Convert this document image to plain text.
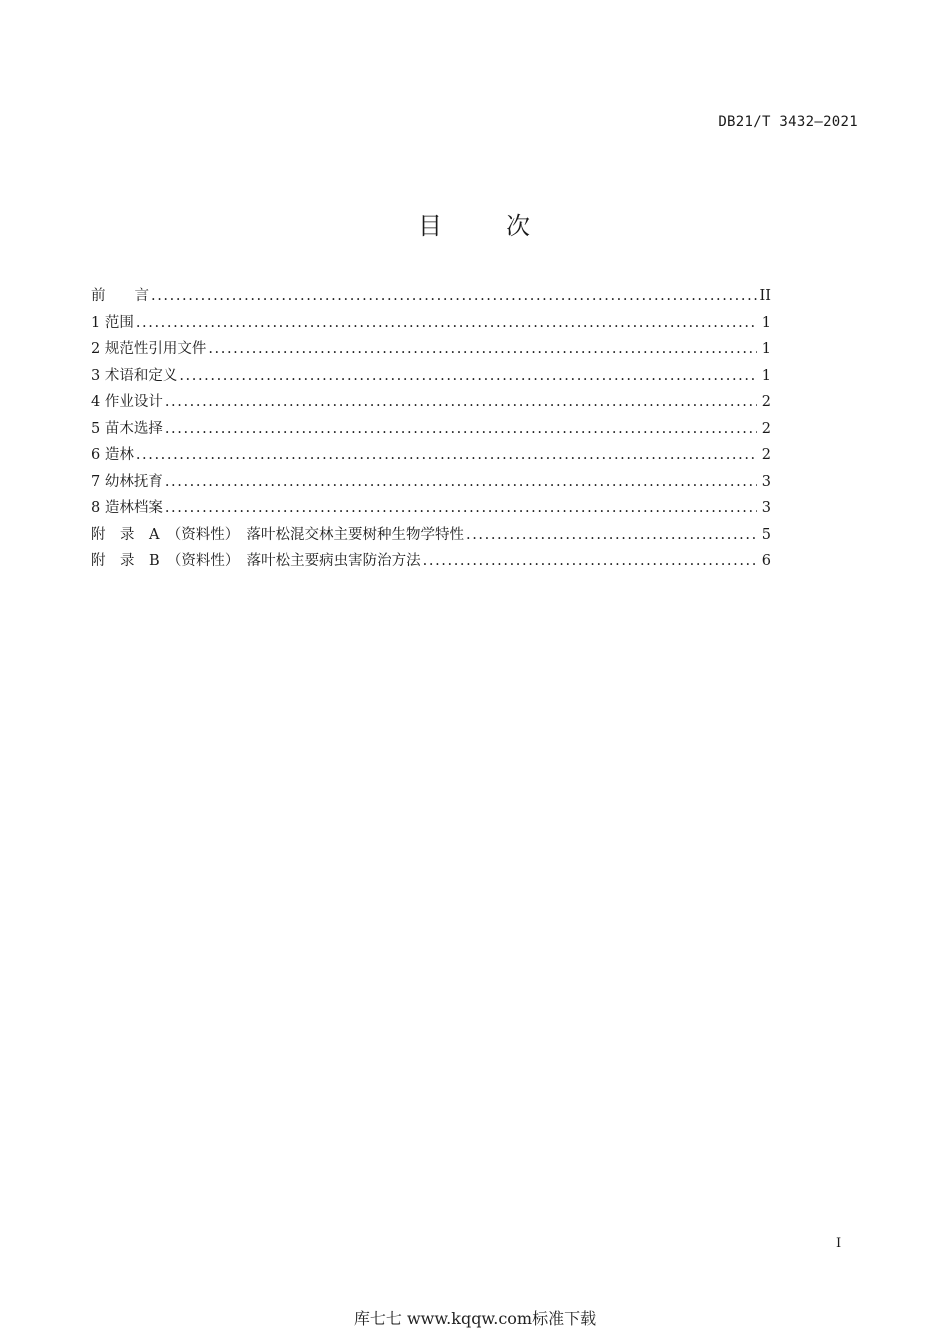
DB21/T 3432—2021
目	次
前　　言 .....	II
1 范围 .....	1
2 规范性引用文件 .....	1
3 术语和定义 .....	1
4 作业设计 .....	2
5 苗木选择 .....	2
6 造林 .....	2
7 幼林抚育 .....	3
8 造林档案 .....	3
附　录　A　（资料性）　落叶松混交林主要树种生物学特性 .....	5
附　录　B　（资料性）　落叶松主要病虫害防治方法 .....	6
I
库七七 www.kqqw.com标准下载
